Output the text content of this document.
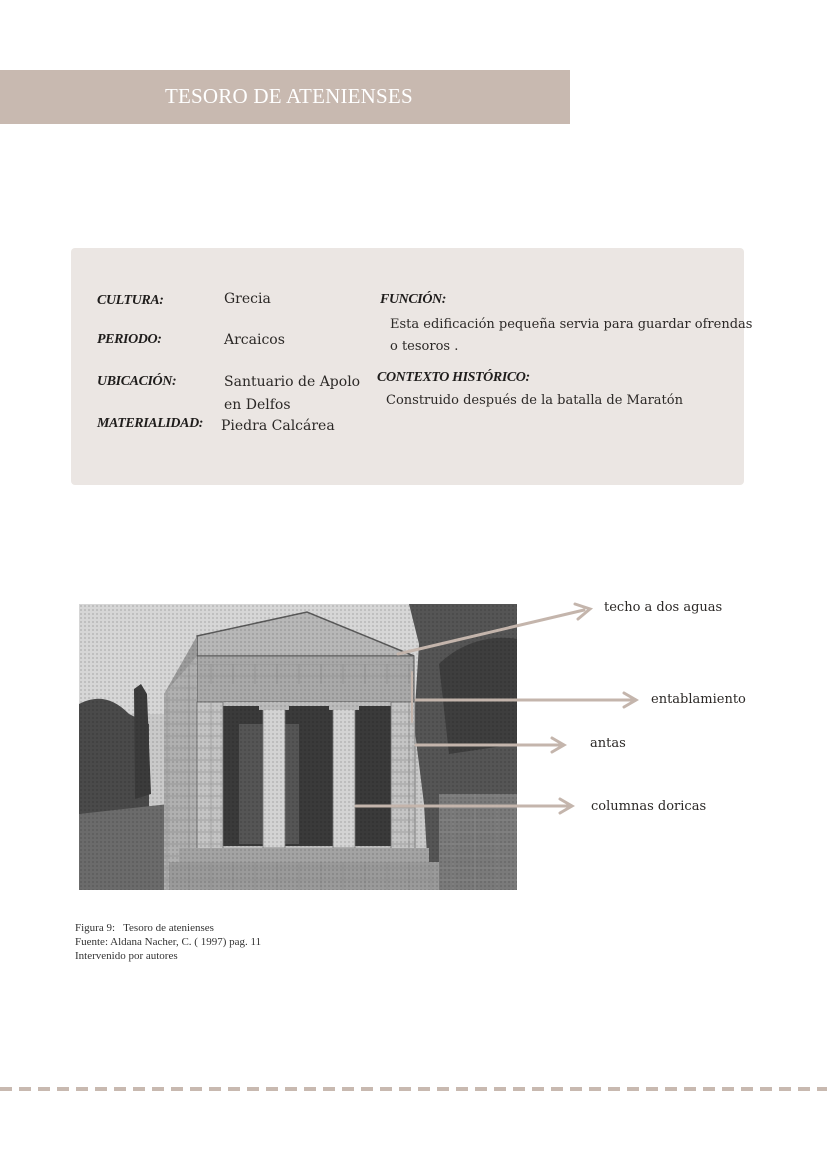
TESORO DE ATENIENSES
CULTURA:	Grecia
PERIODO:	Arcaicos
UBICACIÓN:	Santuario de Apolo
en Delfos
MATERIALIDAD: Piedra Calcárea
FUNCIÓN:
Esta edificación pequeña servia para guardar ofrendas
o tesoros .
CONTEXTO HISTÓRICO:
Construido después de la batalla de Maratón
techo a dos aguas
entablamiento
antas
columnas doricas
Figura 9:   Tesoro de atenienses
Fuente: Aldana Nacher, C. ( 1997) pag. 11
Intervenido por autores
